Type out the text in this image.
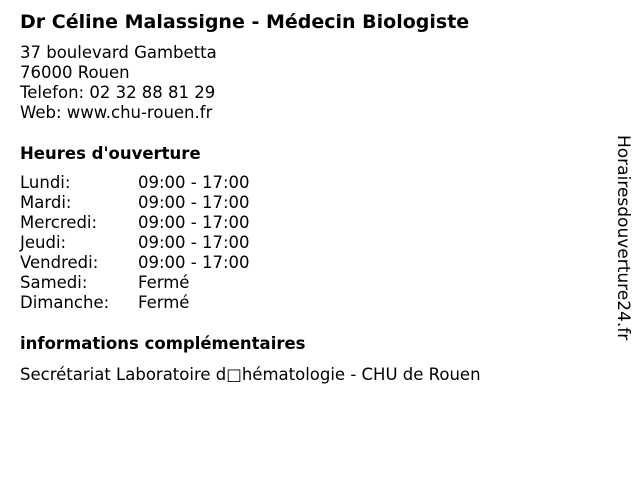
Dr Céline Malassigne - Médecin Biologiste
37 boulevard Gambetta
76000 Rouen
Telefon: 02 32 88 81 29
Web: www.chu-rouen.fr
Heures d'ouverture
Lundi:	09:00 - 17:00
Mardi:	09:00 - 17:00
Mercredi: 09:00 - 17:00
Jeudi:	09:00 - 17:00
Vendredi: 09:00 - 17:00
Samedi:	Fermé
Dimanche: Fermé
informations complémentaires
Secrétariat Laboratoire d□hématologie - CHU de Rouen
Horairesdouverture24.fr
